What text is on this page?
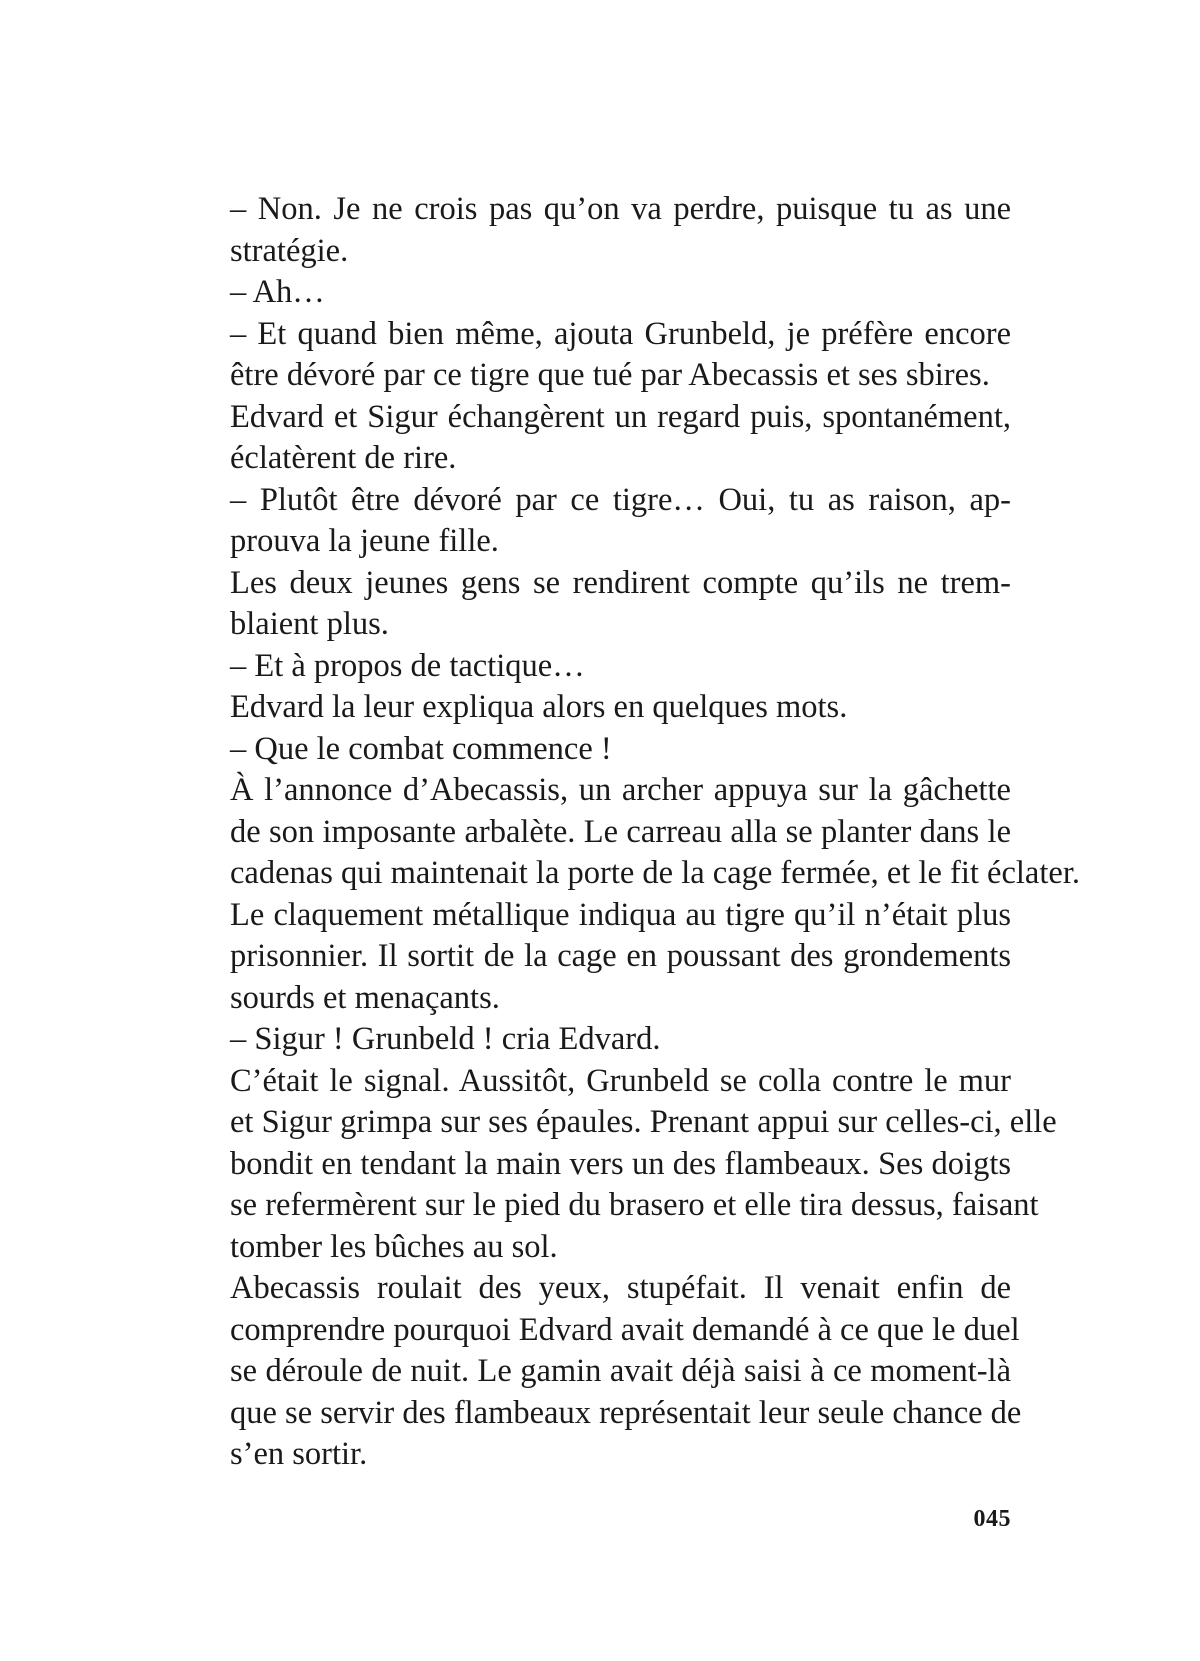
– Non. Je ne crois pas qu’on va perdre, puisque tu as une
stratégie.

– Ah…

– Et quand bien même, ajouta Grunbeld, je préfère encore
être dévoré par ce tigre que tué par Abecassis et ses sbires.

Edvard et Sigur échangèrent un regard puis, spontanément,
éclatèrent de rire.

– Plutôt être dévoré par ce tigre… Oui, tu as raison, ap-
prouva la jeune fille.

Les deux jeunes gens se rendirent compte qu’ils ne trem-
blaient plus.

– Et à propos de tactique…

Edvard la leur expliqua alors en quelques mots.

– Que le combat commence !

À l’annonce d’Abecassis, un archer appuya sur la gâchette
de son imposante arbalète. Le carreau alla se planter dans le
cadenas qui maintenait la porte de la cage fermée, et le fit éclater.

Le claquement métallique indiqua au tigre qu’il n’était plus
prisonnier. Il sortit de la cage en poussant des grondements
sourds et menaçants.

– Sigur ! Grunbeld ! cria Edvard.

C’était le signal. Aussitôt, Grunbeld se colla contre le mur
et Sigur grimpa sur ses épaules. Prenant appui sur celles-ci, elle
bondit en tendant la main vers un des flambeaux. Ses doigts
se refermèrent sur le pied du brasero et elle tira dessus, faisant
tomber les bûches au sol.

Abecassis roulait des yeux, stupéfait. Il venait enfin de
comprendre pourquoi Edvard avait demandé à ce que le duel
se déroule de nuit. Le gamin avait déjà saisi à ce moment-là
que se servir des flambeaux représentait leur seule chance de
s’en sortir.

045
